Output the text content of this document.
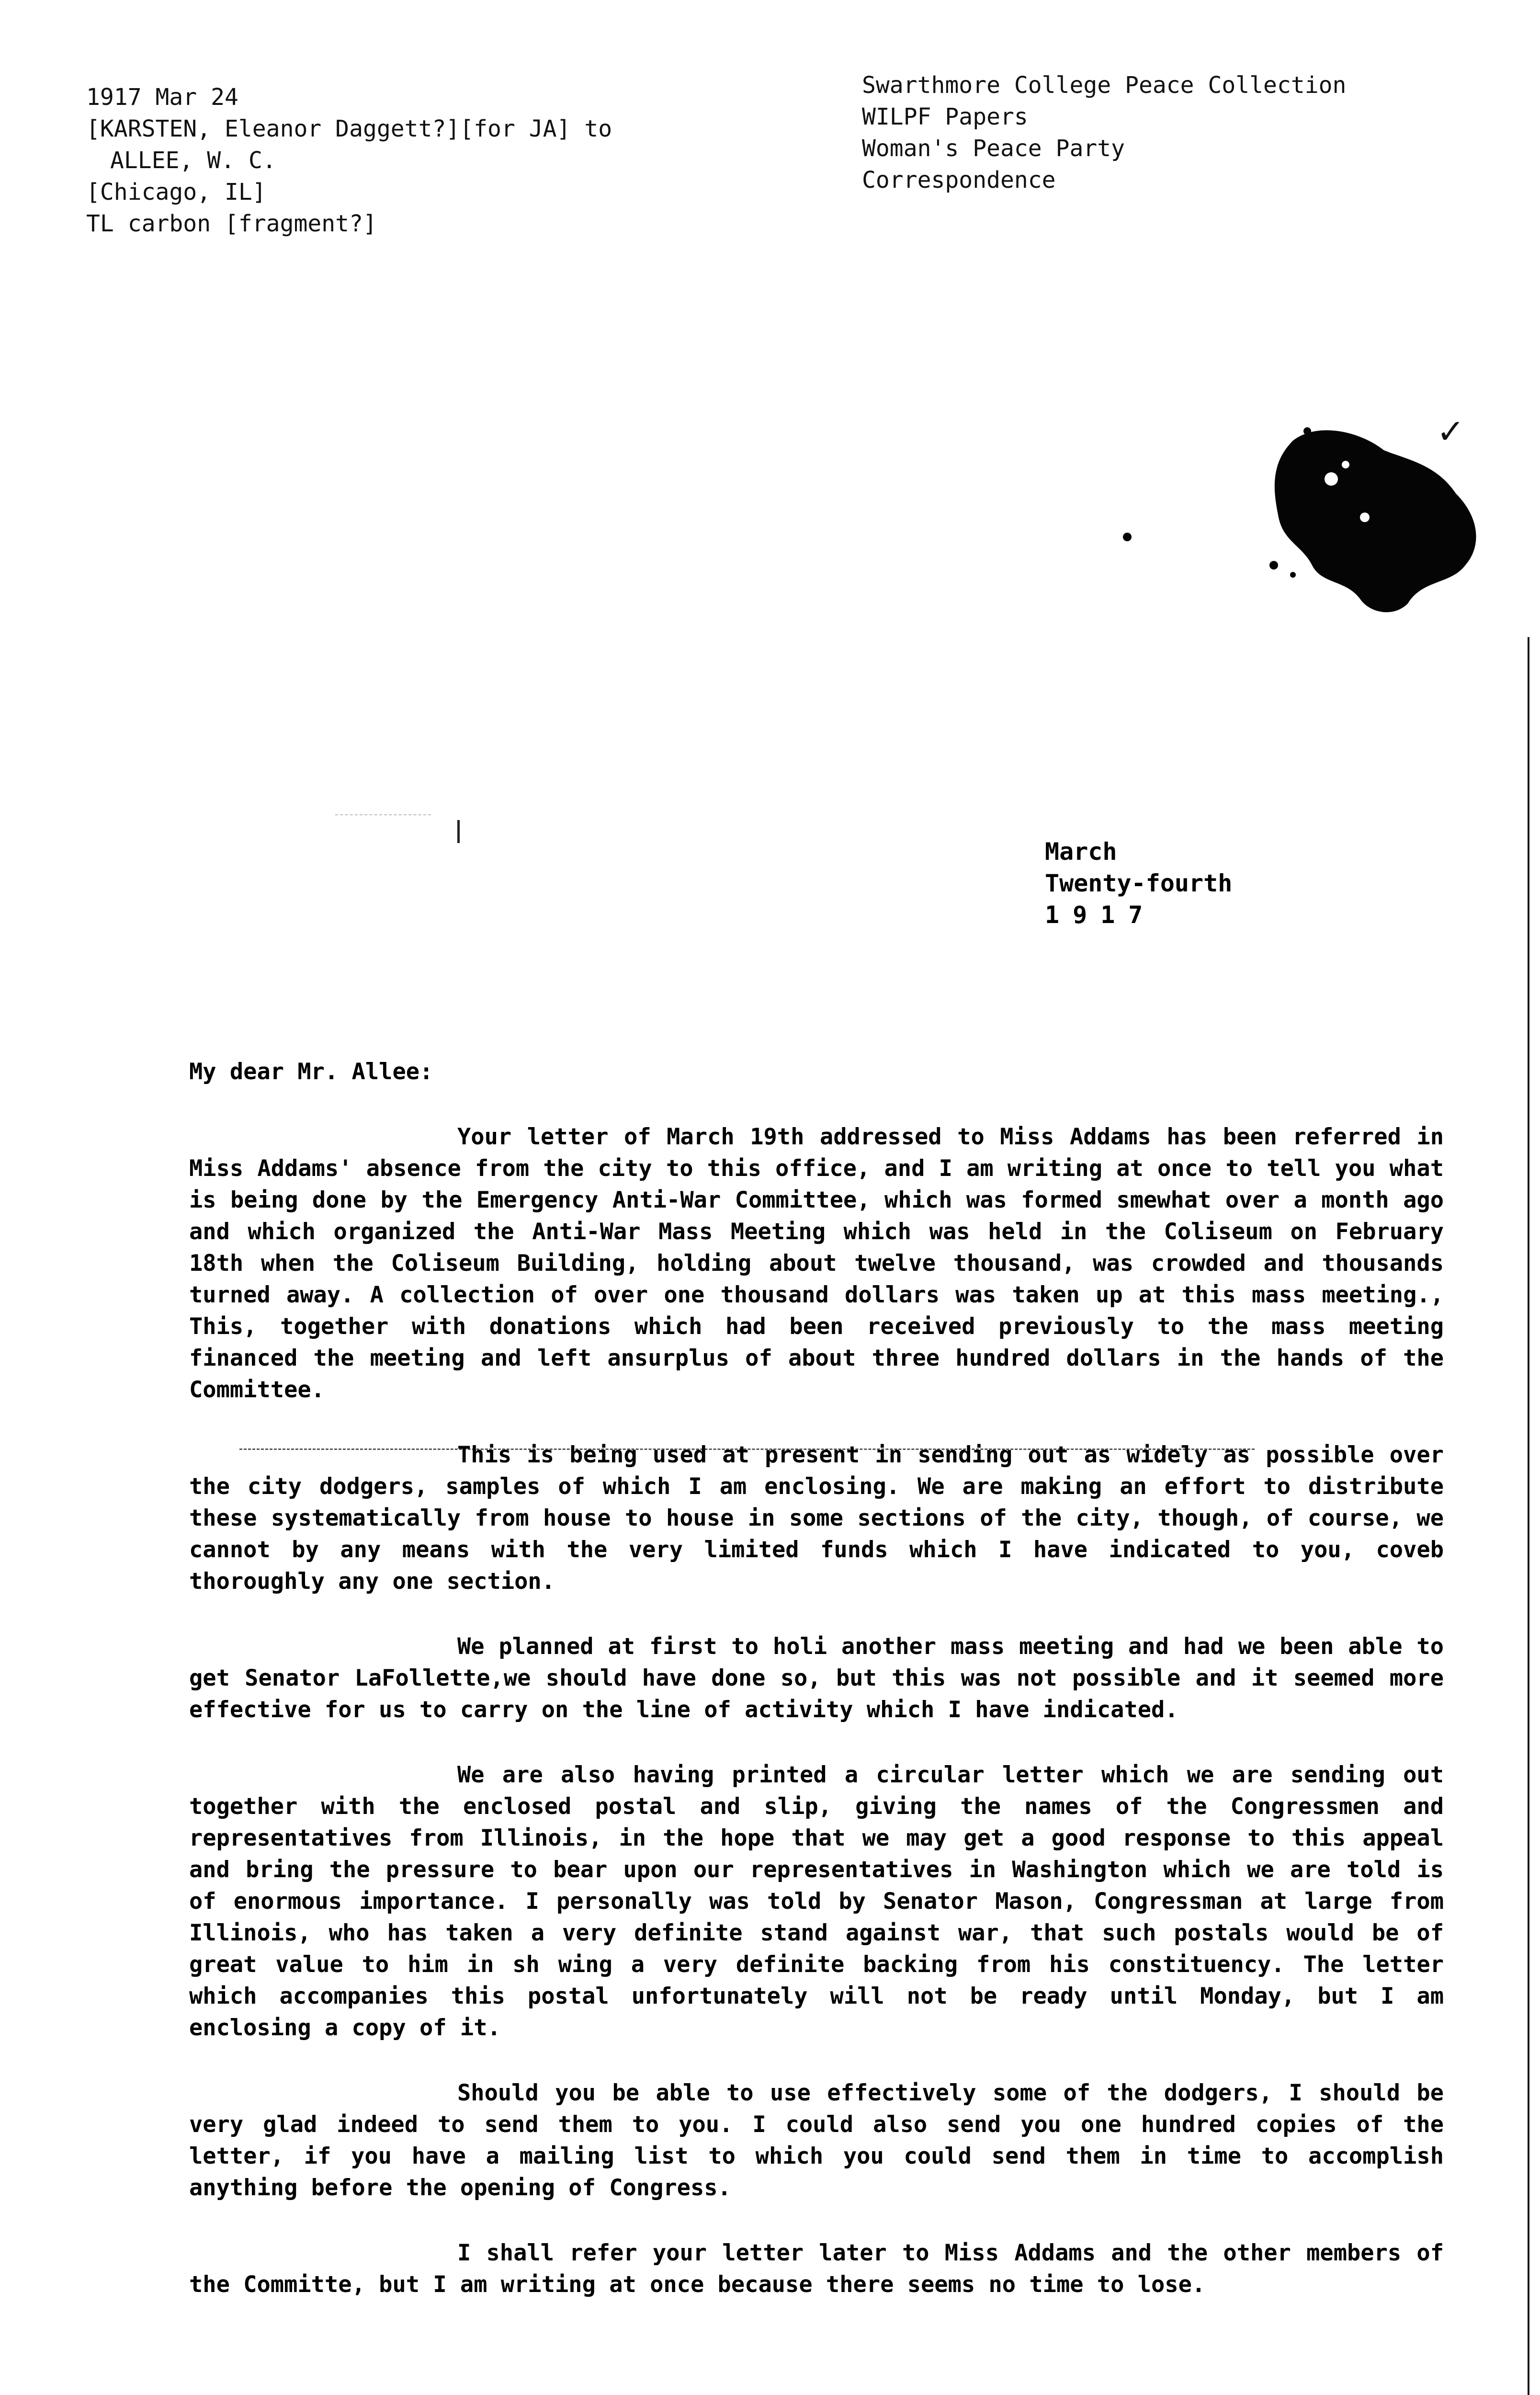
1917 Mar 24
[KARSTEN, Eleanor Daggett?][for JA] to
ALLEE, W. C.
[Chicago, IL]
TL carbon [fragment?]
Swarthmore College Peace Collection
WILPF Papers
Woman's Peace Party
Correspondence
✓
March
Twenty-fourth
1917
My dear Mr. Allee:

Your letter of March 19th addressed to Miss Addams has been referred in Miss Addams' absence from the city to this office, and I am writing at once to tell you what is being done by the Emergency Anti-War Committee, which was formed smewhat over a month ago and which organized the Anti-War Mass Meeting which was held in the Coliseum on February 18th when the Coliseum Building, holding about twelve thousand, was crowded and thousands turned away. A collection of over one thousand dollars was taken up at this mass meeting., This, together with donations which had been received previously to the mass meeting financed the meeting and left ansurplus of about three hundred dollars in the hands of the Committee.

This is being used at present in sending out as widely as possible over the city dodgers, samples of which I am enclosing. We are making an effort to distribute these systematically from house to house in some sections of the city, though, of course, we cannot by any means with the very limited funds which I have indicated to you, coveb thoroughly any one section.

We planned at first to holi another mass meeting and had we been able to get Senator LaFollette,we should have done so, but this was not possible and it seemed more effective for us to carry on the line of activity which I have indicated.

We are also having printed a circular letter which we are sending out together with the enclosed postal and slip, giving the names of the Congressmen and representatives from Illinois, in the hope that we may get a good response to this appeal and bring the pressure to bear upon our representatives in Washington which we are told is of enormous importance. I personally was told by Senator Mason, Congressman at large from Illinois, who has taken a very definite stand against war, that such postals would be of great value to him in sh wing a very definite backing from his constituency. The letter which accompanies this postal unfortunately will not be ready until Monday, but I am enclosing a copy of it.

Should you be able to use effectively some of the dodgers, I should be very glad indeed to send them to you. I could also send you one hundred copies of the letter, if you have a mailing list to which you could send them in time to accomplish anything before the opening of Congress.

I shall refer your letter later to Miss Addams and the other members of the Committe, but I am writing at once because there seems no time to lose.
